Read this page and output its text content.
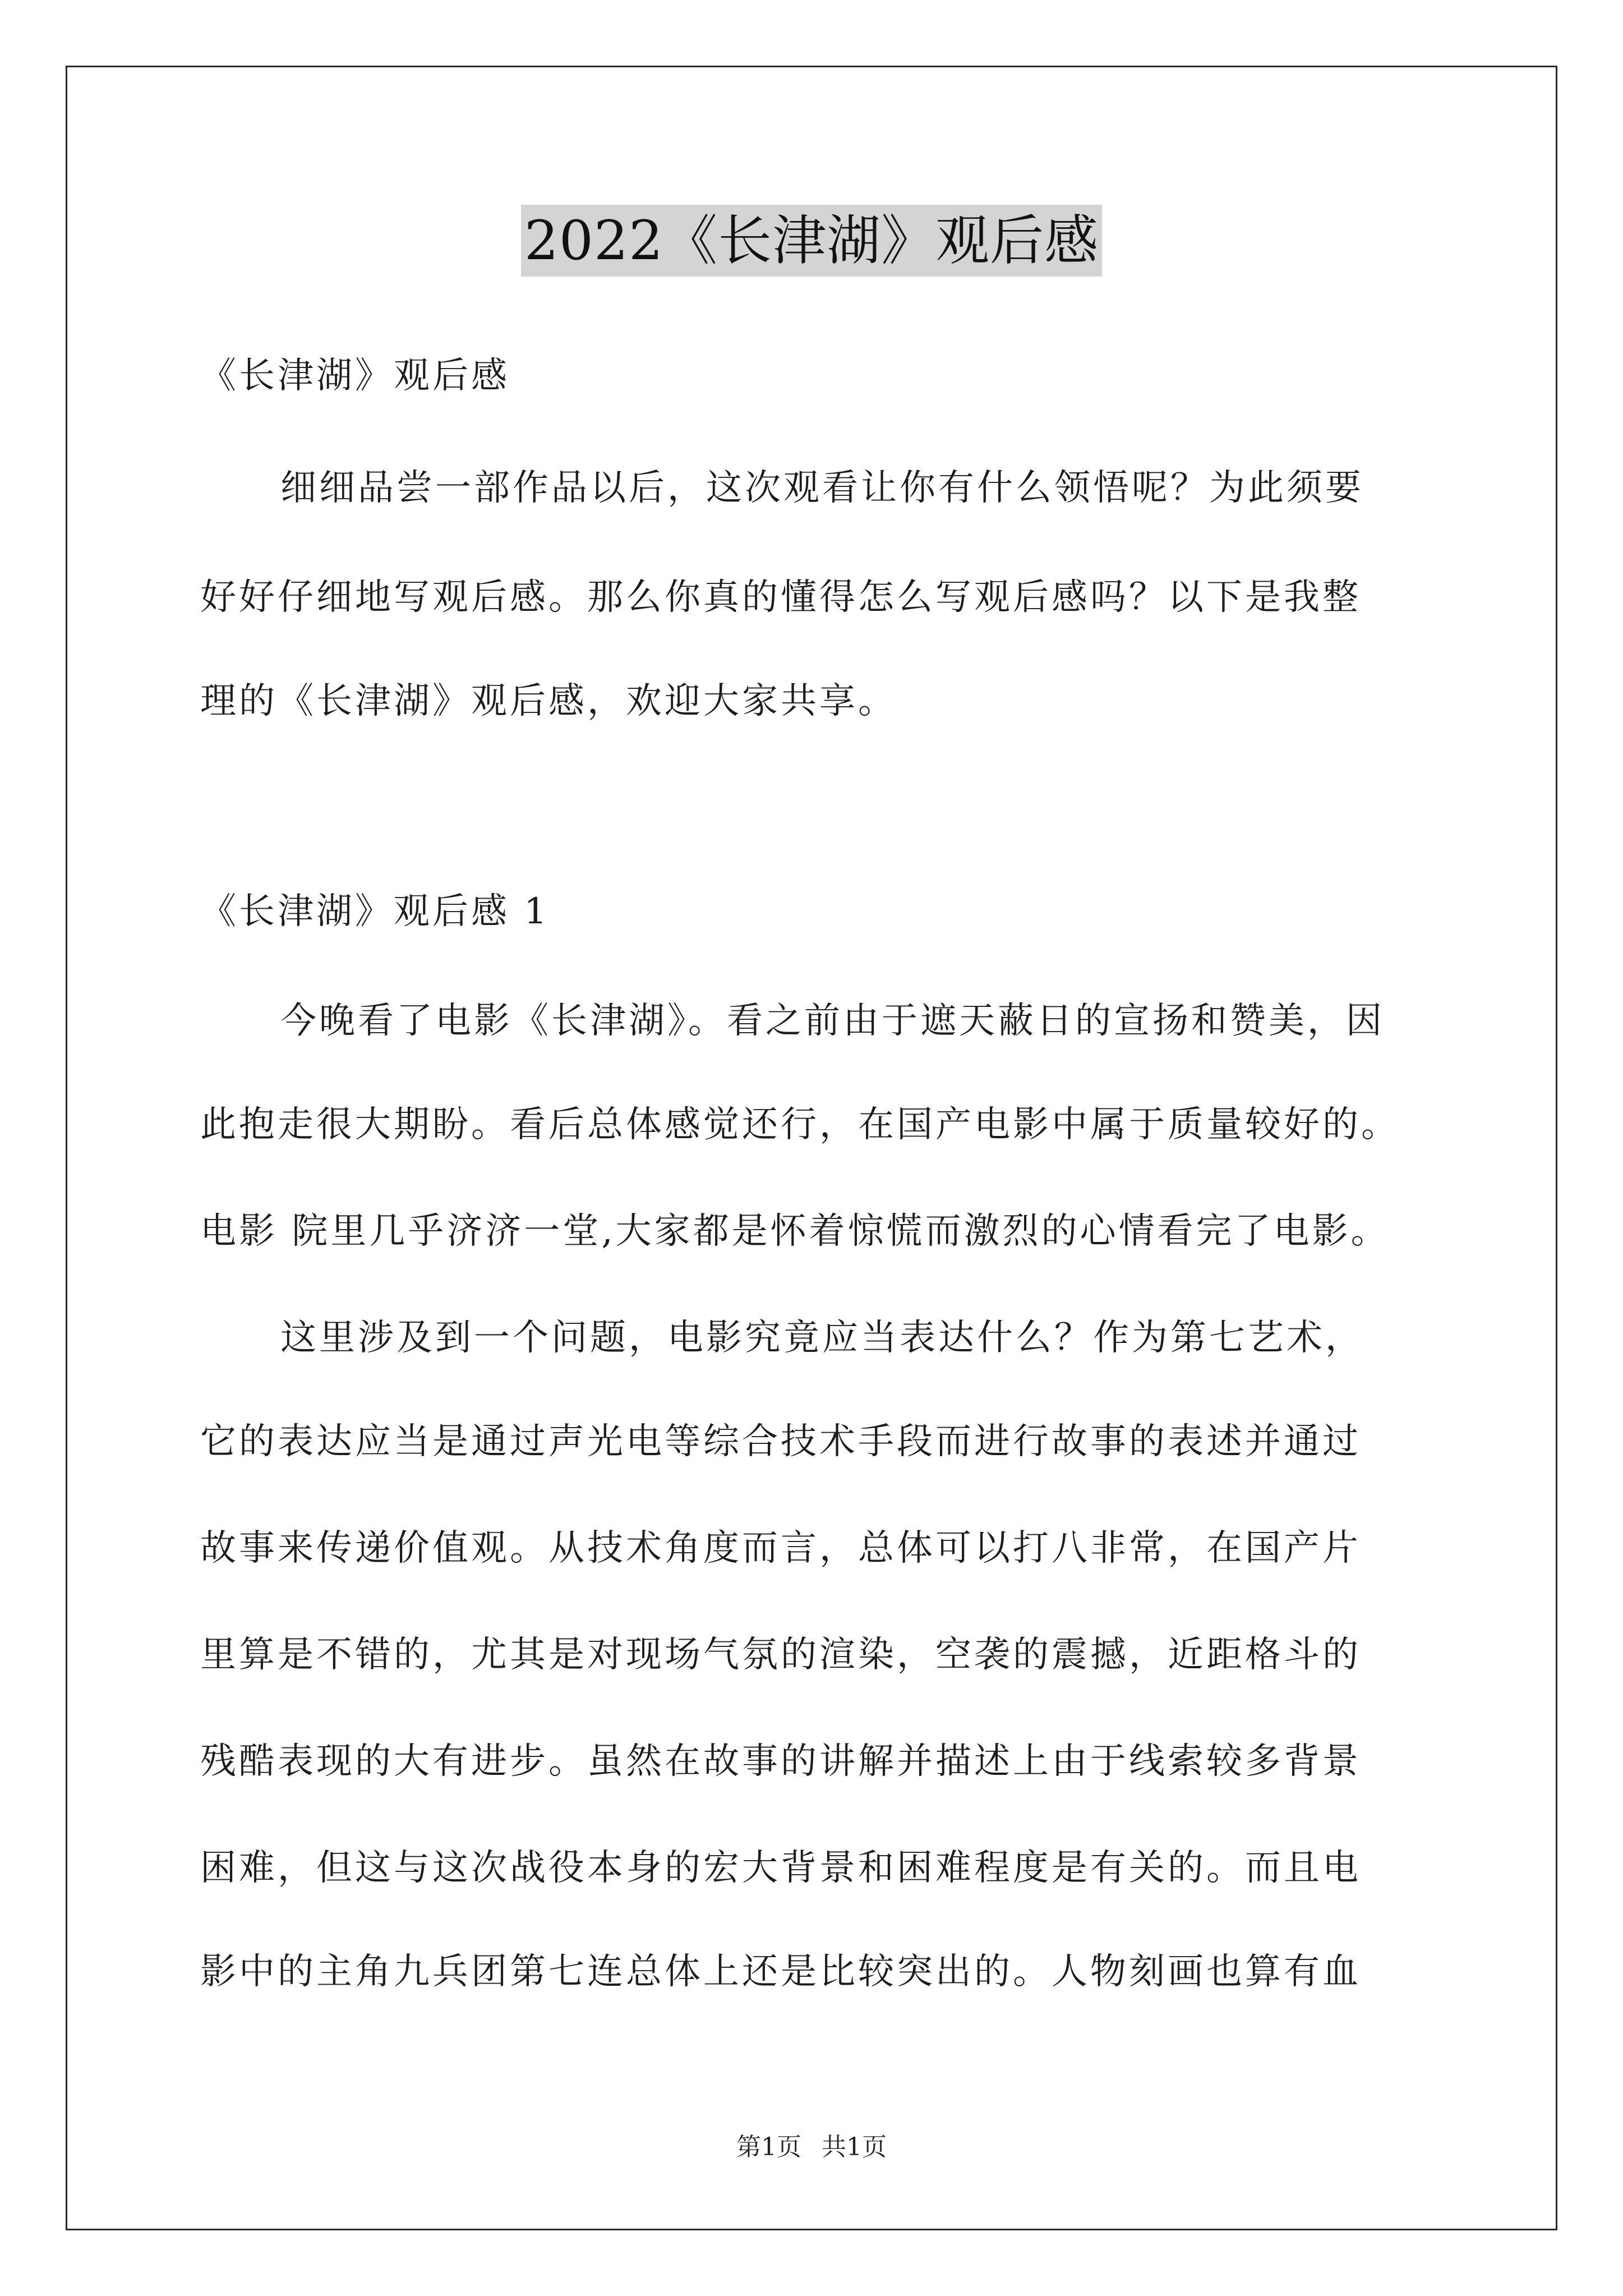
2022《长津湖》观后感
《长津湖》观后感
细细品尝一部作品以后，这次观看让你有什么领悟呢？为此须要
好好仔细地写观后感。那么你真的懂得怎么写观后感吗？以下是我整
理的《长津湖》观后感，欢迎大家共享。
《长津湖》观后感 1
今晚看了电影《长津湖》。看之前由于遮天蔽日的宣扬和赞美，因
此抱走很大期盼。看后总体感觉还行，在国产电影中属于质量较好的。
电影 院里几乎济济一堂,大家都是怀着惊慌而激烈的心情看完了电影。
这里涉及到一个问题，电影究竟应当表达什么？作为第七艺术，
它的表达应当是通过声光电等综合技术手段而进行故事的表述并通过
故事来传递价值观。从技术角度而言，总体可以打八非常，在国产片
里算是不错的，尤其是对现场气氛的渲染，空袭的震撼，近距格斗的
残酷表现的大有进步。虽然在故事的讲解并描述上由于线索较多背景
困难，但这与这次战役本身的宏大背景和困难程度是有关的。而且电
影中的主角九兵团第七连总体上还是比较突出的。人物刻画也算有血
第1页 共1页
